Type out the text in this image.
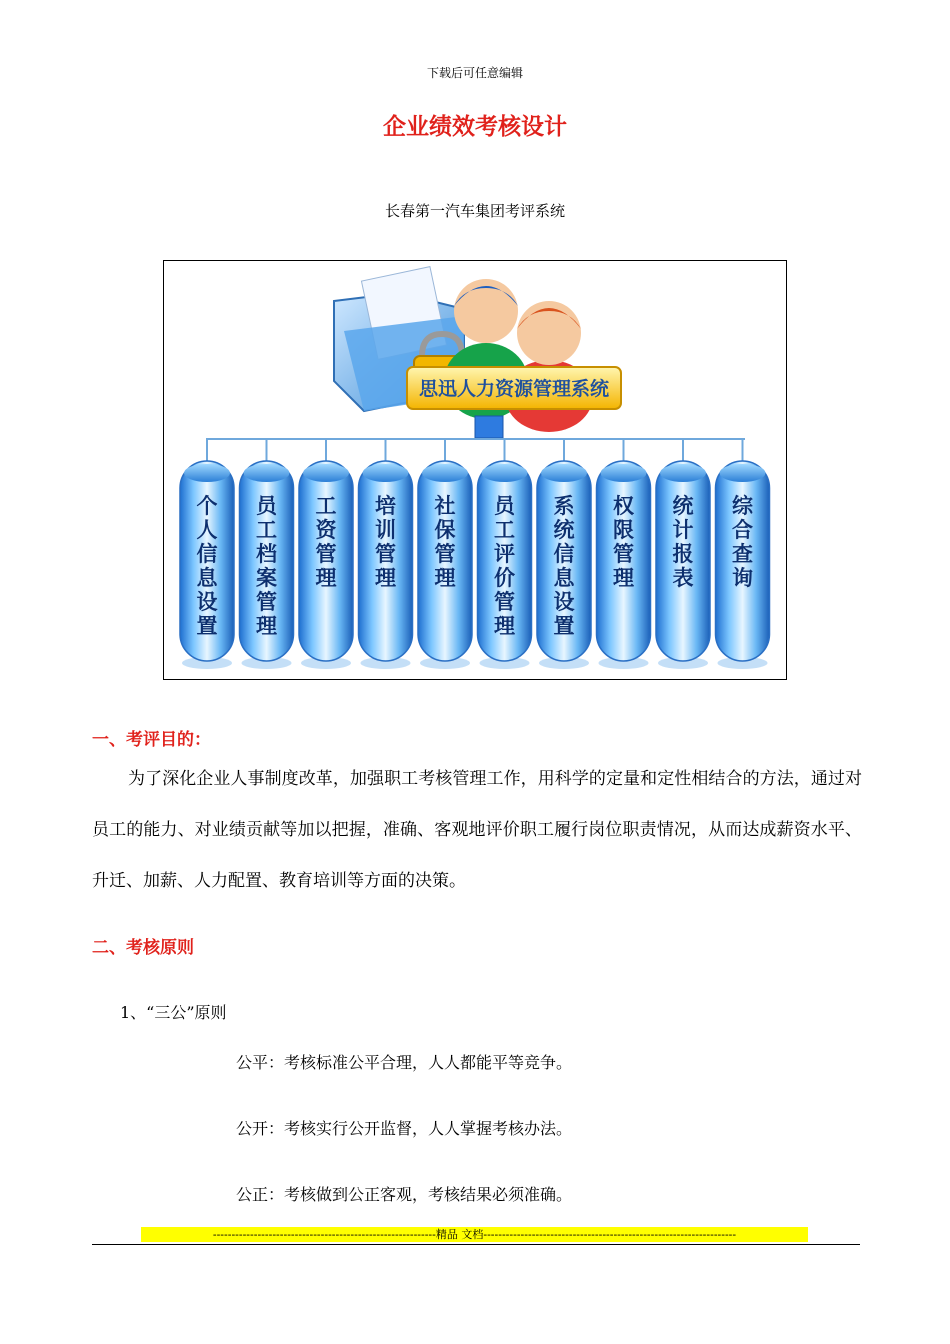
下载后可任意编辑
企业绩效考核设计
长春第一汽车集团考评系统
思迅人力资源管理系统
个人信息设置
员工档案管理
工资管理
培训管理
社保管理
员工评价管理
系统信息设置
权限管理
统计报表
综合查询
一、考评目的：
为了深化企业人事制度改革，加强职工考核管理工作，用科学的定量和定性相结合的方法，通过对员工的能力、对业绩贡献等加以把握，准确、客观地评价职工履行岗位职责情况，从而达成薪资水平、升迁、加薪、人力配置、教育培训等方面的决策。
二、考核原则
1、“三公”原则
公平：考核标准公平合理，人人都能平等竞争。
公开：考核实行公开监督，人人掌握考核办法。
公正：考核做到公正客观，考核结果必须准确。
------------------------------------------------------------精品 文档--------------------------------------------------------------------
